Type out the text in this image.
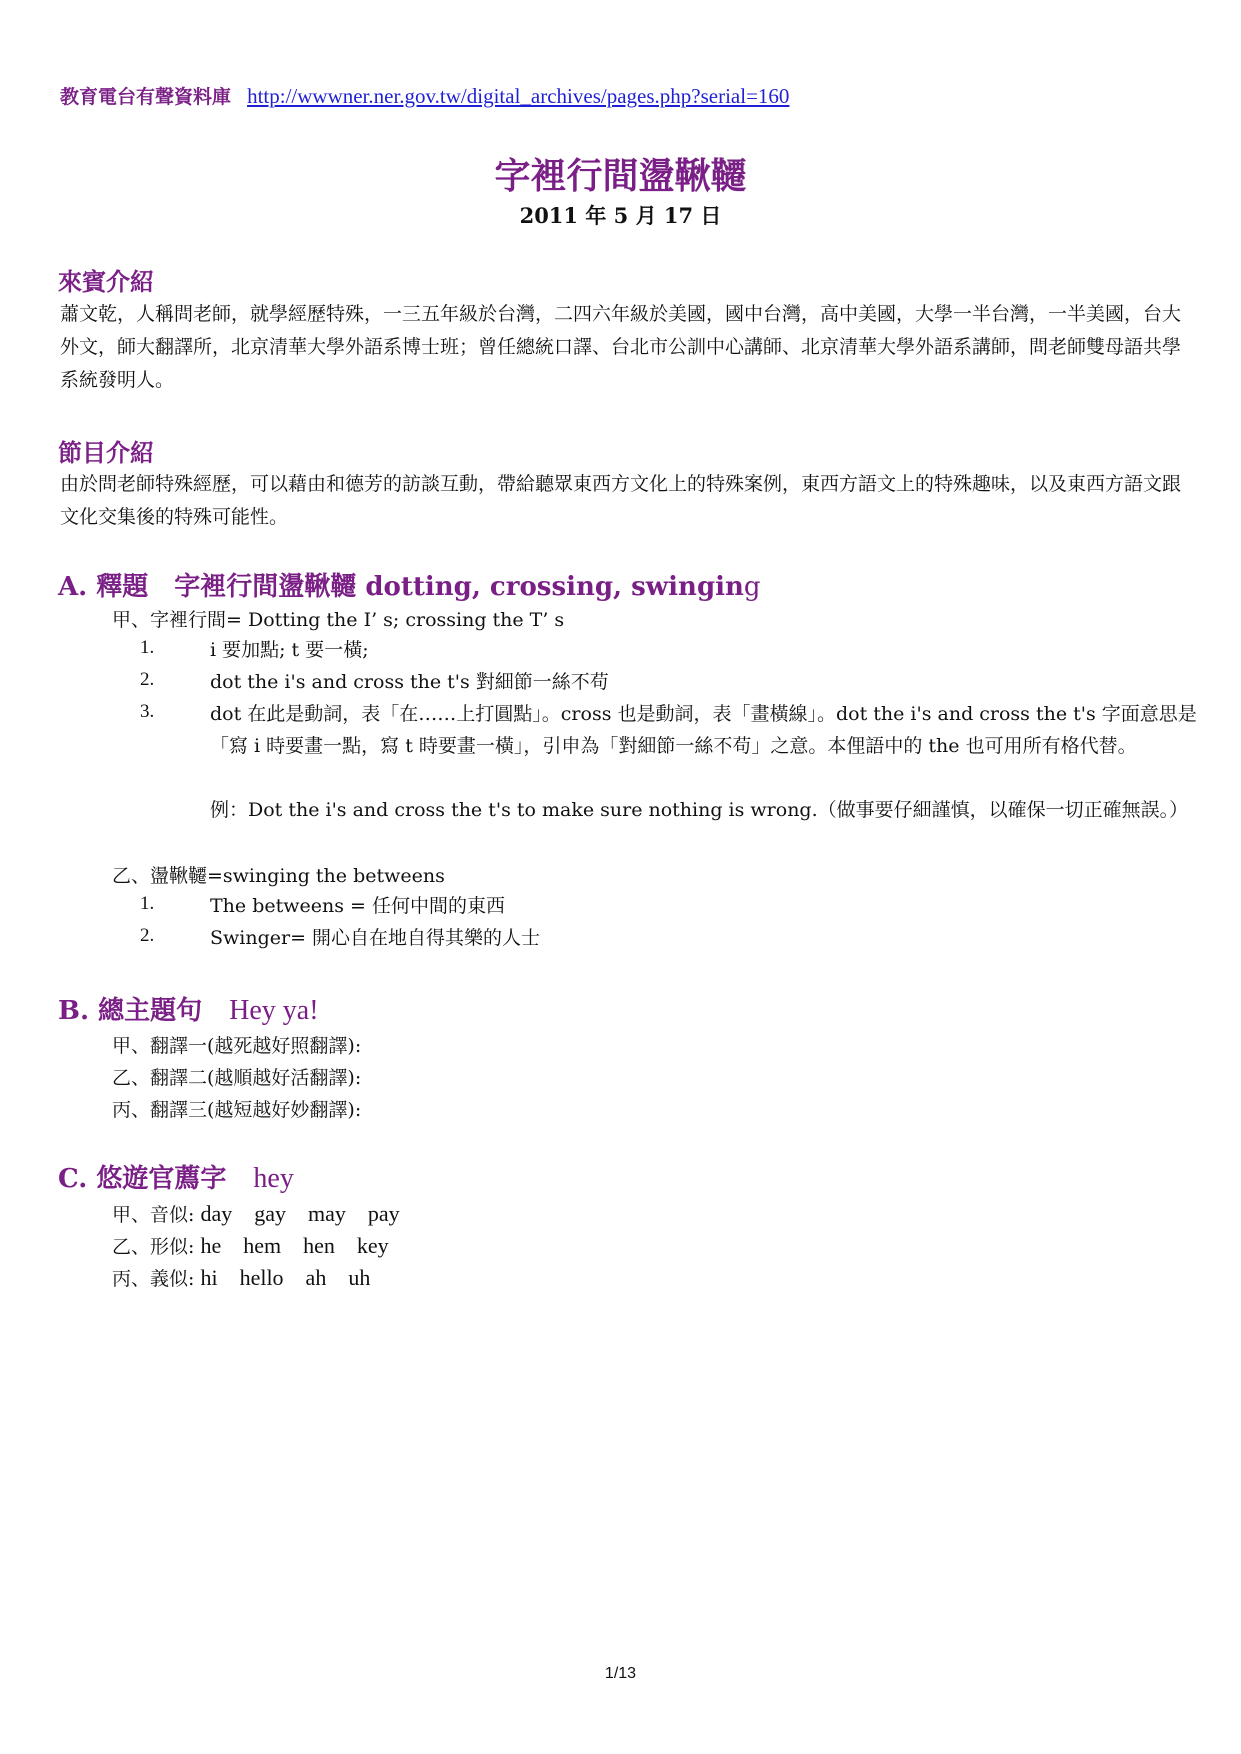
教育電台有聲資料庫 http://wwwner.ner.gov.tw/digital_archives/pages.php?serial=160
字裡行間盪鞦韆
2011 年 5 月 17 日
來賓介紹
蕭文乾，人稱問老師，就學經歷特殊，一三五年級於台灣，二四六年級於美國，國中台灣，高中美國，大學一半台灣，一半美國，台大外文，師大翻譯所，北京清華大學外語系博士班；曾任總統口譯、台北市公訓中心講師、北京清華大學外語系講師，問老師雙母語共學系統發明人。
節目介紹
由於問老師特殊經歷，可以藉由和德芳的訪談互動，帶給聽眾東西方文化上的特殊案例，東西方語文上的特殊趣味，以及東西方語文跟文化交集後的特殊可能性。
A. 釋題　字裡行間盪鞦韆 dotting, crossing, swinging
甲、字裡行間= Dotting the I’ s; crossing the T’ s
1.	i 要加點; t 要一橫;
2.	dot the i's and cross the t's 對細節一絲不苟
3.	dot 在此是動詞，表「在……上打圓點」。cross 也是動詞，表「畫橫線」。dot the i's and cross the t's 字面意思是「寫 i 時要畫一點，寫 t 時要畫一橫」，引申為「對細節一絲不苟」之意。本俚語中的 the 也可用所有格代替。
例：Dot the i's and cross the t's to make sure nothing is wrong.（做事要仔細謹慎，以確保一切正確無誤。）
乙、盪鞦韆=swinging the betweens
1.	The betweens = 任何中間的東西
2.	Swinger= 開心自在地自得其樂的人士
B. 總主題句 Hey ya!
甲、翻譯一(越死越好照翻譯):
乙、翻譯二(越順越好活翻譯):
丙、翻譯三(越短越好妙翻譯):
C. 悠遊官薦字 hey
甲、音似: day　gay　may　pay
乙、形似: he　hem　hen　key
丙、義似: hi　hello　ah　uh
1/13
